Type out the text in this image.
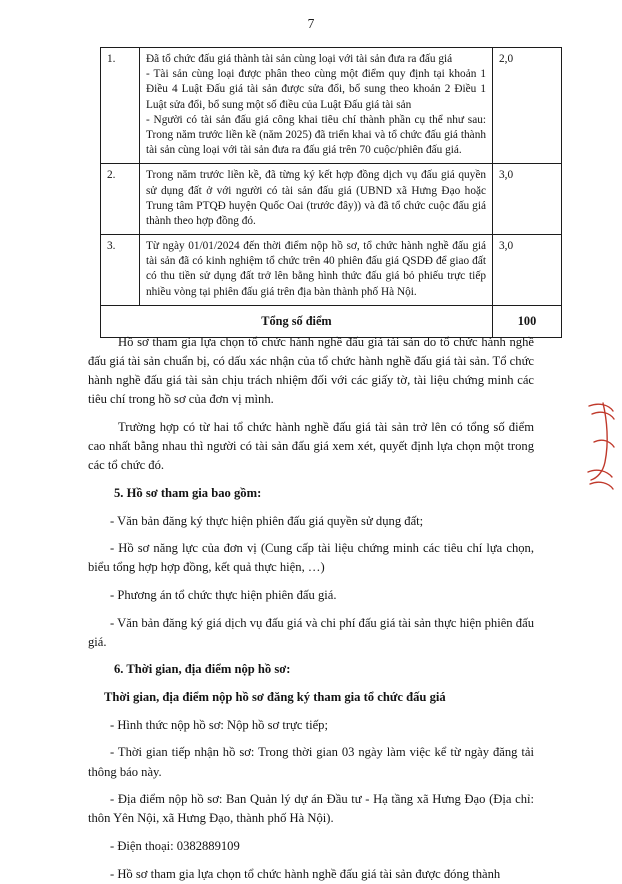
7
1.	Đã tổ chức đấu giá thành tài sản cùng loại với tài sản đưa ra đấu giá
- Tài sản cùng loại được phân theo cùng một điểm quy định tại khoản 1 Điều 4 Luật Đấu giá tài sản được sửa đổi, bổ sung theo khoản 2 Điều 1 Luật sửa đổi, bổ sung một số điều của Luật Đấu giá tài sản
- Người có tài sản đấu giá công khai tiêu chí thành phần cụ thể như sau: Trong năm trước liền kề (năm 2025) đã triển khai và tổ chức đấu giá thành tài sản cùng loại với tài sản đưa ra đấu giá trên 70 cuộc/phiên đấu giá.	2,0
2.	Trong năm trước liền kề, đã từng ký kết hợp đồng dịch vụ đấu giá quyền sử dụng đất ở với người có tài sản đấu giá (UBND xã Hưng Đạo hoặc Trung tâm PTQĐ huyện Quốc Oai (trước đây)) và đã tổ chức cuộc đấu giá thành theo hợp đồng đó.	3,0
3.	Từ ngày 01/01/2024 đến thời điểm nộp hồ sơ, tổ chức hành nghề đấu giá tài sản đã có kinh nghiệm tổ chức trên 40 phiên đấu giá QSDĐ để giao đất có thu tiền sử dụng đất trở lên bằng hình thức đấu giá bỏ phiếu trực tiếp nhiều vòng tại phiên đấu giá trên địa bàn thành phố Hà Nội.	3,0
Tổng số điểm		100

Hồ sơ tham gia lựa chọn tổ chức hành nghề đấu giá tài sản do tổ chức hành nghề đấu giá tài sản chuẩn bị, có dấu xác nhận của tổ chức hành nghề đấu giá tài sản. Tổ chức hành nghề đấu giá tài sản chịu trách nhiệm đối với các giấy tờ, tài liệu chứng minh các tiêu chí trong hồ sơ của đơn vị mình.

Trường hợp có từ hai tổ chức hành nghề đấu giá tài sản trở lên có tổng số điểm cao nhất bằng nhau thì người có tài sản đấu giá xem xét, quyết định lựa chọn một trong các tổ chức đó.

5. Hồ sơ tham gia bao gồm:

- Văn bản đăng ký thực hiện phiên đấu giá quyền sử dụng đất;

- Hồ sơ năng lực của đơn vị (Cung cấp tài liệu chứng minh các tiêu chí lựa chọn, biểu tổng hợp hợp đồng, kết quả thực hiện, …)

- Phương án tổ chức thực hiện phiên đấu giá.

- Văn bản đăng ký giá dịch vụ đấu giá và chi phí đấu giá tài sản thực hiện phiên đấu giá.

6. Thời gian, địa điểm nộp hồ sơ:

Thời gian, địa điểm nộp hồ sơ đăng ký tham gia tổ chức đấu giá

- Hình thức nộp hồ sơ: Nộp hồ sơ trực tiếp;

- Thời gian tiếp nhận hồ sơ: Trong thời gian 03 ngày làm việc kể từ ngày đăng tải thông báo này.

- Địa điểm nộp hồ sơ: Ban Quản lý dự án Đầu tư - Hạ tầng xã Hưng Đạo (Địa chỉ: thôn Yên Nội, xã Hưng Đạo, thành phố Hà Nội).

- Điện thoại: 0382889109

- Hồ sơ tham gia lựa chọn tổ chức hành nghề đấu giá tài sản được đóng thành
